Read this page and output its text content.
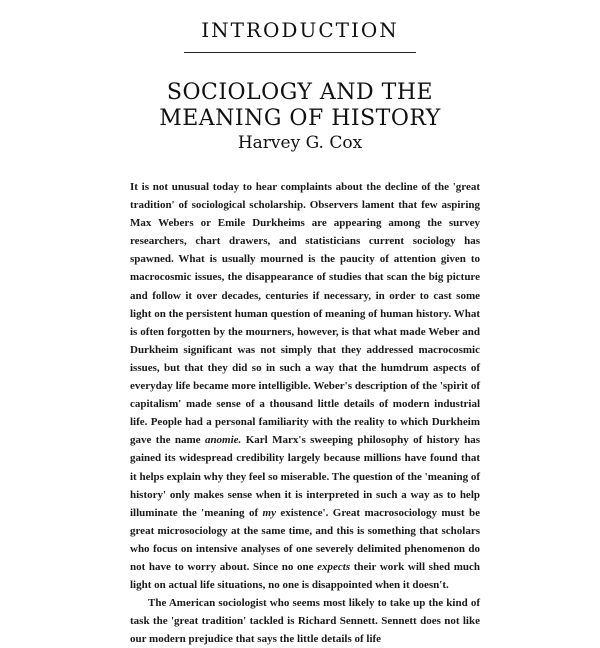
INTRODUCTION
SOCIOLOGY AND THE
MEANING OF HISTORY
Harvey G. Cox

It is not unusual today to hear complaints about the decline of the 'great tradition' of sociological scholarship. Observers lament that few aspiring Max Webers or Emile Durkheims are appearing among the survey researchers, chart drawers, and statisticians current sociology has spawned. What is usually mourned is the paucity of attention given to macrocosmic issues, the disappearance of studies that scan the big picture and follow it over decades, centuries if necessary, in order to cast some light on the persistent human question of meaning of human history. What is often forgotten by the mourners, however, is that what made Weber and Durkheim significant was not simply that they addressed macrocosmic issues, but that they did so in such a way that the humdrum aspects of everyday life became more intelligible. Weber's description of the 'spirit of capitalism' made sense of a thousand little details of modern industrial life. People had a personal familiarity with the reality to which Durkheim gave the name anomie. Karl Marx's sweeping philosophy of history has gained its widespread credibility largely because millions have found that it helps explain why they feel so miserable. The question of the 'meaning of history' only makes sense when it is interpreted in such a way as to help illuminate the 'meaning of my existence'. Great macrosociology must be great microsociology at the same time, and this is something that scholars who focus on intensive analyses of one severely delimited phenomenon do not have to worry about. Since no one expects their work will shed much light on actual life situations, no one is disappointed when it doesn't.

The American sociologist who seems most likely to take up the kind of task the 'great tradition' tackled is Richard Sennett. Sennett does not like our modern prejudice that says the little details of life
